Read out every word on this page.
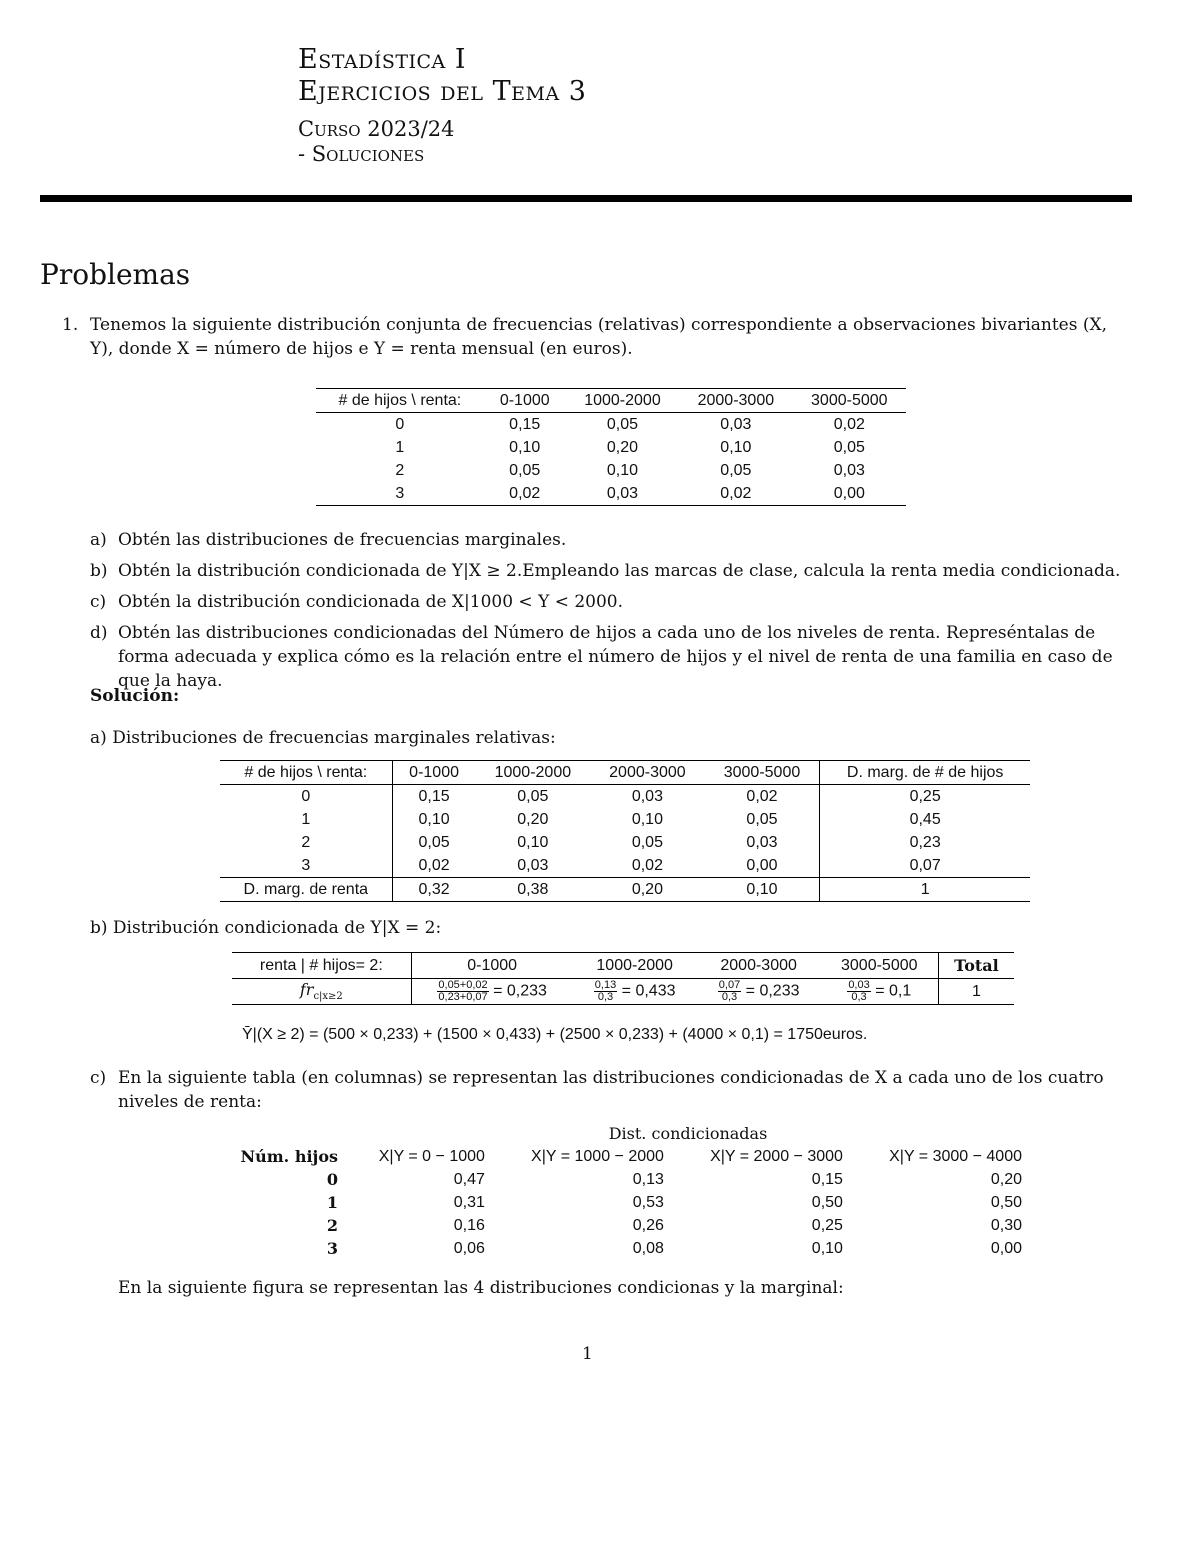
Estadística I
Ejercicios del Tema 3
Curso 2023/24
- Soluciones
Problemas
1. Tenemos la siguiente distribución conjunta de frecuencias (relativas) correspondiente a observaciones bivariantes (X, Y), donde X = número de hijos e Y = renta mensual (en euros).
# de hijos \ renta:	0-1000	1000-2000	2000-3000	3000-5000
0	0,15	0,05	0,03	0,02
1	0,10	0,20	0,10	0,05
2	0,05	0,10	0,05	0,03
3	0,02	0,03	0,02	0,00
a) Obtén las distribuciones de frecuencias marginales.
b) Obtén la distribución condicionada de Y|X ≥ 2.Empleando las marcas de clase, calcula la renta media condicionada.
c) Obtén la distribución condicionada de X|1000 < Y < 2000.
d) Obtén las distribuciones condicionadas del Número de hijos a cada uno de los niveles de renta. Represéntalas de forma adecuada y explica cómo es la relación entre el número de hijos y el nivel de renta de una familia en caso de que la haya.
Solución:
a) Distribuciones de frecuencias marginales relativas:
# de hijos \ renta:	0-1000	1000-2000	2000-3000	3000-5000	D. marg. de # de hijos
0	0,15	0,05	0,03	0,02	0,25
1	0,10	0,20	0,10	0,05	0,45
2	0,05	0,10	0,05	0,03	0,23
3	0,02	0,03	0,02	0,00	0,07
D. marg. de renta	0,32	0,38	0,20	0,10	1
b) Distribución condicionada de Y|X = 2:
renta | # hijos= 2:	0-1000	1000-2000	2000-3000	3000-5000	Total
$fr_{c|x\ge 2}$	$\frac{0,05+0,02}{0,23+0,07} = 0,233$	$\frac{0,13}{0,3} = 0,433$	$\frac{0,07}{0,3} = 0,233$	$\frac{0,03}{0,3} = 0,1$	1
Ȳ|(X ≥ 2) = (500 × 0,233) + (1500 × 0,433) + (2500 × 0,233) + (4000 × 0,1) = 1750euros.
c) En la siguiente tabla (en columnas) se representan las distribuciones condicionadas de X a cada uno de los cuatro niveles de renta:
	Dist. condicionadas			
Núm. hijos	X|Y = 0 − 1000	X|Y = 1000 − 2000	X|Y = 2000 − 3000	X|Y = 3000 − 4000
0	0,47	0,13	0,15	0,20
1	0,31	0,53	0,50	0,50
2	0,16	0,26	0,25	0,30
3	0,06	0,08	0,10	0,00
En la siguiente figura se representan las 4 distribuciones condicionas y la marginal:
1
